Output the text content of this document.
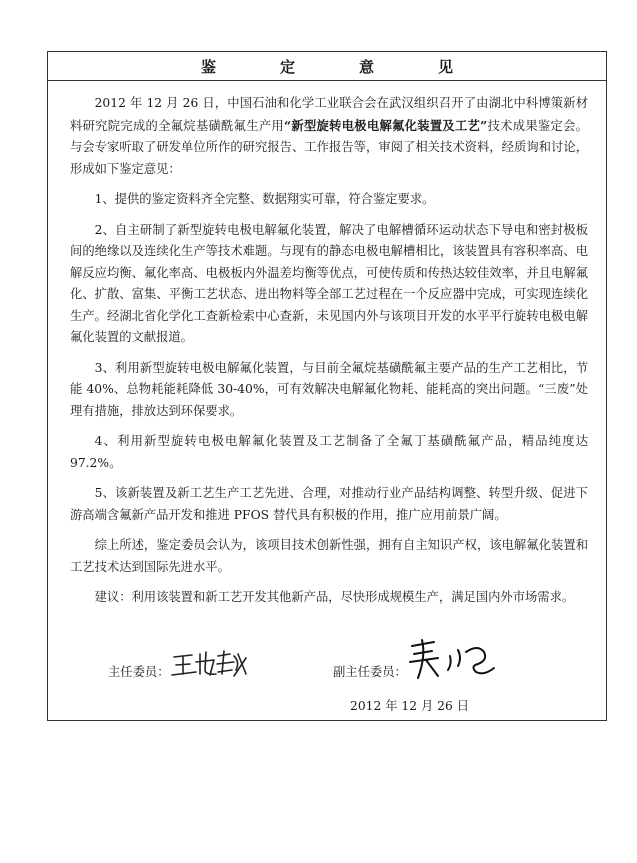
鉴定意见

2012 年 12 月 26 日，中国石油和化学工业联合会在武汉组织召开了由湖北中科博策新材料研究院完成的全氟烷基磺酰氟生产用“新型旋转电极电解氟化装置及工艺”技术成果鉴定会。与会专家听取了研发单位所作的研究报告、工作报告等，审阅了相关技术资料，经质询和讨论，形成如下鉴定意见：

1、提供的鉴定资料齐全完整、数据翔实可靠，符合鉴定要求。

2、自主研制了新型旋转电极电解氟化装置，解决了电解槽循环运动状态下导电和密封极板间的绝缘以及连续化生产等技术难题。与现有的静态电极电解槽相比，该装置具有容积率高、电解反应均衡、氟化率高、电极板内外温差均衡等优点，可使传质和传热达较佳效率，并且电解氟化、扩散、富集、平衡工艺状态、进出物料等全部工艺过程在一个反应器中完成，可实现连续化生产。经湖北省化学化工查新检索中心查新，未见国内外与该项目开发的水平平行旋转电极电解氟化装置的文献报道。

3、利用新型旋转电极电解氟化装置，与目前全氟烷基磺酰氟主要产品的生产工艺相比，节能 40%、总物耗能耗降低 30-40%，可有效解决电解氟化物耗、能耗高的突出问题。“三废”处理有措施，排放达到环保要求。

4、利用新型旋转电极电解氟化装置及工艺制备了全氟丁基磺酰氟产品，精品纯度达 97.2%。

5、该新装置及新工艺生产工艺先进、合理，对推动行业产品结构调整、转型升级、促进下游高端含氟新产品开发和推进 PFOS 替代具有积极的作用，推广应用前景广阔。

综上所述，鉴定委员会认为，该项目技术创新性强，拥有自主知识产权，该电解氟化装置和工艺技术达到国际先进水平。

建议：利用该装置和新工艺开发其他新产品，尽快形成规模生产，满足国内外市场需求。

主任委员：	副主任委员：
2012 年 12 月 26 日
